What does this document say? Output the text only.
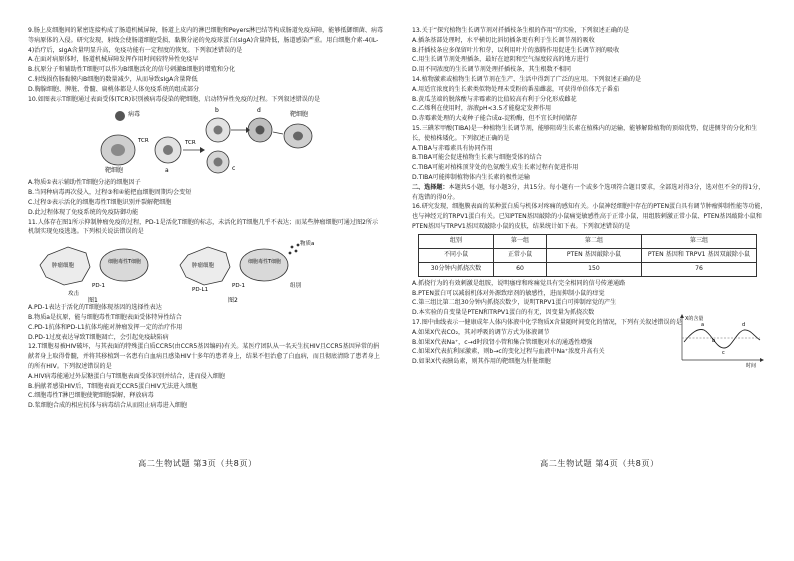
9.肠上皮细胞间的紧密连接构成了肠道机械屏障，肠道上皮内的淋巴细胞和Peyers淋巴结等构成肠道免疫屏障，能够抵御细菌、病毒等病原体的入侵。研究发现，射线会使肠道细胞受损，黏膜分泌的免疫球蛋白(sIgA)含量降低，肠道感染严重。用白细胞介素-4(IL-4)治疗后，sIgA含量明显升高，免疫功能有一定程度的恢复。下列叙述错误的是

A.在面对病原体时，肠道机械屏障发挥作用时间较特异性免疫早

B.抗原分子和辅助性T细胞可以作为B细胞活化的信号刺激B细胞的增殖和分化

C.射线损伤肠黏膜内B细胞的数量减少，从而导致sIgA含量降低

D.胸腺细胞、脾脏、骨髓、扁桃体都是人体免疫系统的组成部分

10.如图表示T细胞通过表面受体(TCR)识别被病毒侵染的靶细胞，启动特异性免疫的过程。下列叙述错误的是

病毒
靶细胞
TCR
a
TCR
b
c
d
靶细胞

A.物质①表示辅助性T细胞分泌的细胞因子

B.当同种病毒再次侵入，过程③和④能把血细胞周期均会变短

C.过程③表示活化的细胞毒性T细胞识别并裂解靶细胞

D.此过程体现了免疫系统的免疫防御功能

11.人体存在图1所示抑制肿瘤免疫的过程，PD-1是活化T细胞的标志，未活化的T细胞几乎不表达；而某些肿瘤细胞可通过图2所示机制实现免疫逃逸。下列相关说法错误的是

肿瘤细胞
细胞毒性T细胞
PD-1
攻击
图1
肿瘤细胞
细胞毒性T细胞
PD-L1
PD-1
物质a
组别
图2

A.PD-1表达于活化的T细胞体现基因的选择性表达

B.物质a是抗原，能与细胞毒性T细胞表面受体特异性结合

C.PD-1抗体和PD-L1抗体均能对肿瘤发挥一定的治疗作用

D.PD-1过度表达导致T细胞凋亡，会引起免疫缺陷病

12.T细胞易被HIV破坏，与其表面的特殊蛋白质CCR5(由CCR5基因编码)有关。某医疗团队从一名天生抗HIV且CCR5基因异常的捐献者身上取得骨髓，并将其移植到一名患有白血病且感染HIV十多年的患者身上，结果不但治愈了白血病，而且彻底清除了患者身上的所有HIV。下列叙述错误的是

A.HIV病毒能通过外层糖蛋白与T细胞表面受体识别并结合，进而侵入细胞

B.捐献者感染HIV后，T细胞表面无CCR5蛋白HIV无法进入细胞

C.细胞毒性T淋巴细胞使靶细胞裂解，释放病毒

D.浆细胞合成的相应抗体与病毒结合从而阻止病毒进入细胞

高二生物试题 第3页（共8页）

13.关于“探究植物生长调节剂对扦插枝条生根的作用”的实验，下列叙述正确的是

A.插条基部处理时，水平横切比斜切插条更有利于生长调节剂的吸收

B.扦插枝条应多保留叶片和芽，以利用叶片的蒸腾作用促进生长调节剂的吸收

C.用生长调节剂处理插条，最好在遮阴和空气湿度较高的地方进行

D.用不同浓度的生长调节剂处理扦插枝条，其生根数不相同

14.植物激素或植物生长调节剂在生产、生活中得到了广泛的应用。下列叙述正确的是

A.用适宜浓度的生长素类似物处理未受粉的番茄雌蕊，可获得单倍体无子番茄

B.黄瓜茎端的脱落酸与赤霉素的比值较高有利于分化形成雌花

C.乙烯利在使用时，溶液pH<3.5才能稳定发挥作用

D.赤霉素处理的大麦种子能合成α-淀粉酶，但不宜长时间储存

15.三碘苯甲酸(TIBA)是一种植物生长调节剂，能够阻碍生长素在植株内的运输，能够解除植物的顶端优势，促进侧芽的分化和生长，使植株矮化。下列叙述正确的是

A.TIBA与赤霉素具有协同作用

B.TIBA可能会促进植物生长素与细胞受体的结合

C.TIBA可能对植株顶芽处的色氨酸生成生长素过程有促进作用

D.TIBA可能抑制植物体内生长素的极性运输

二、选择题：本题共5小题，每小题3分，共15分。每小题有一个或多个选项符合题目要求，全部选对得3分，选对但不全的得1分，有选错的得0分。

16.研究发现，细胞膜表面的某种蛋白质与机体对疼痛的感知有关。小鼠神经细胞中存在的PTEN蛋白具有调节肿瘤抑制性能等功能，也与神经元的TRPV1蛋白有关。已知PTEN基因敲除的小鼠痛觉敏感性高于正常小鼠，用组胺刺激正常小鼠、PTEN基因敲除小鼠和PTEN基因与TRPV1基因双敲除小鼠的皮肤，结果统计如下表。下列叙述错误的是

组别	第一组	第二组	第三组
不同小鼠	正常小鼠	PTEN 基因敲除小鼠	PTEN 基因和 TRPV1 基因双敲除小鼠
30分钟内抓挠次数	60	150	76

A.抓挠行为的有效刺激是组胺，说明瘙痒和疼痛觉具有完全相同的信号传递通路

B.PTEN蛋白可以减弱机体对外源致痒剂的敏感性，进而抑制小鼠的痒觉

C.第三组比第二组30分钟内抓挠次数少，说明TRPV1蛋白可抑制痒觉的产生

D.本实验的自变量是PTEN和TRPV1蛋白的有无，因变量为抓挠次数

17.图中曲线表示一健康成年人体内体液中化学物质X含量随时间变化的情况，下列有关叙述错误的是

A.如果X代表CO₂，其对呼吸的调节方式为体液调节

B.如果X代表Na⁺，c→d时段肾小管和集合管细胞对水的通透性增强

C.如果X代表抗利尿激素，则b→c的变化过程与血液中Na⁺浓度升高有关

D.如果X代表胰岛素，则其作用的靶细胞为肝脏细胞

X的含量
时间
a
b
c
d
高二生物试题 第4页（共8页）
